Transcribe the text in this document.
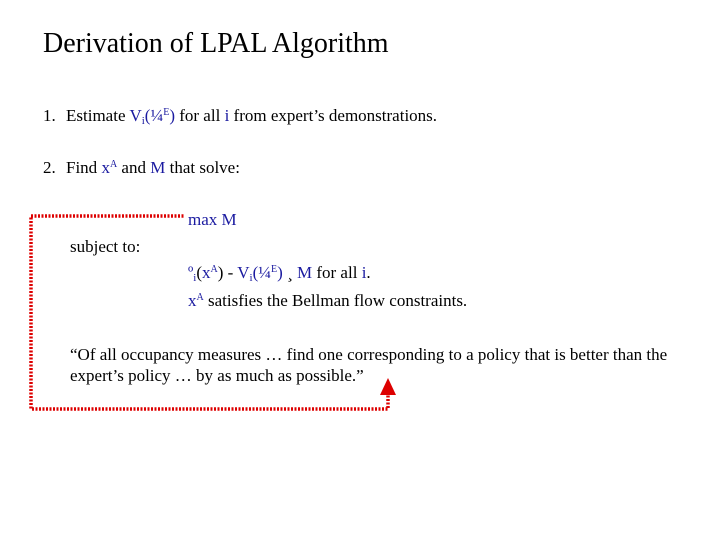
Derivation of LPAL Algorithm
1. Estimate $V_i(\frac{1}{4}^E)$ for all i from expert’s demonstrations.
2. Find $x^A$ and M that solve:
max M
subject to:
$º_i(x^A)$ - $V_i(\frac{1}{4}^E)$ ¸ M for all i.
$x^A$ satisfies the Bellman flow constraints.
“Of all occupancy measures … find one corresponding to a policy that is better than the expert’s policy … by as much as possible.”
